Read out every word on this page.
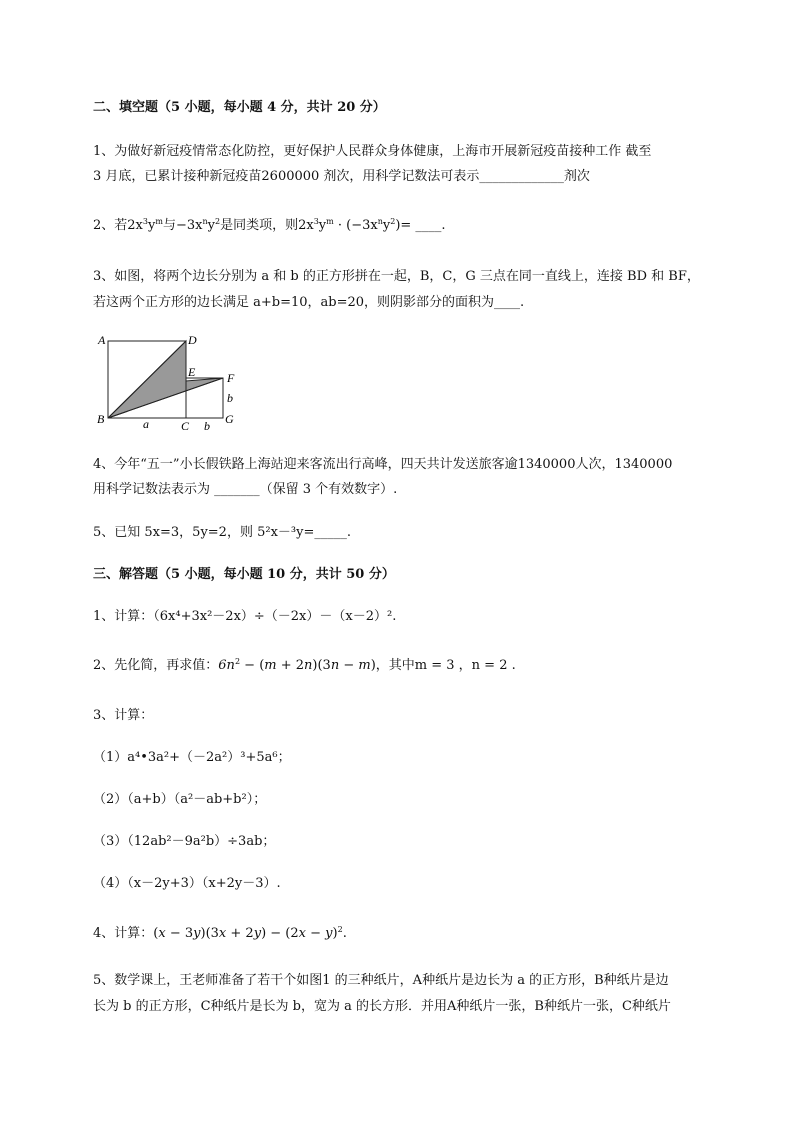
二、填空题（5 小题，每小题 4 分，共计 20 分）
1、为做好新冠疫情常态化防控，更好保护人民群众身体健康，上海市开展新冠疫苗接种工作 截至
3 月底，已累计接种新冠疫苗2600000 剂次，用科学记数法可表示_____________剂次
2、若$2x^3y^m$与$-3x^ny^2$是同类项，则$2x^3y^m \cdot (-3x^ny^2)=$ ____.
3、如图，将两个边长分别为 a 和 b 的正方形拼在一起，B，C，G 三点在同一直线上，连接 BD 和 BF，
若这两个正方形的边长满足 a+b=10，ab=20，则阴影部分的面积为____.
A	D
E	F
B	C	G
a	b
b
4、今年“五一”小长假铁路上海站迎来客流出行高峰，四天共计发送旅客逾1340000人次，1340000
用科学记数法表示为 _______（保留 3 个有效数字）.
5、已知 5x=3，5y=2，则 5²x－³y=_____.
三、解答题（5 小题，每小题 10 分，共计 50 分）
1、计算：（6x⁴+3x²－2x）÷（－2x）－（x－2）².
2、先化简，再求值：$6n^2 - (m + 2n)(3n - m)$，其中m = 3 ，n = 2 .
3、计算：
（1）a⁴•3a²+（－2a²）³+5a⁶；
（2）（a+b）（a²－ab+b²）；
（3）（12ab²－9a²b）÷3ab；
（4）（x－2y+3）（x+2y－3）.
4、计算：$(x - 3y)(3x + 2y) - (2x - y)^2$.
5、数学课上，王老师准备了若干个如图1 的三种纸片，A种纸片是边长为 a 的正方形，B种纸片是边
长为 b 的正方形，C种纸片是长为 b，宽为 a 的长方形．并用A种纸片一张，B种纸片一张，C种纸片
